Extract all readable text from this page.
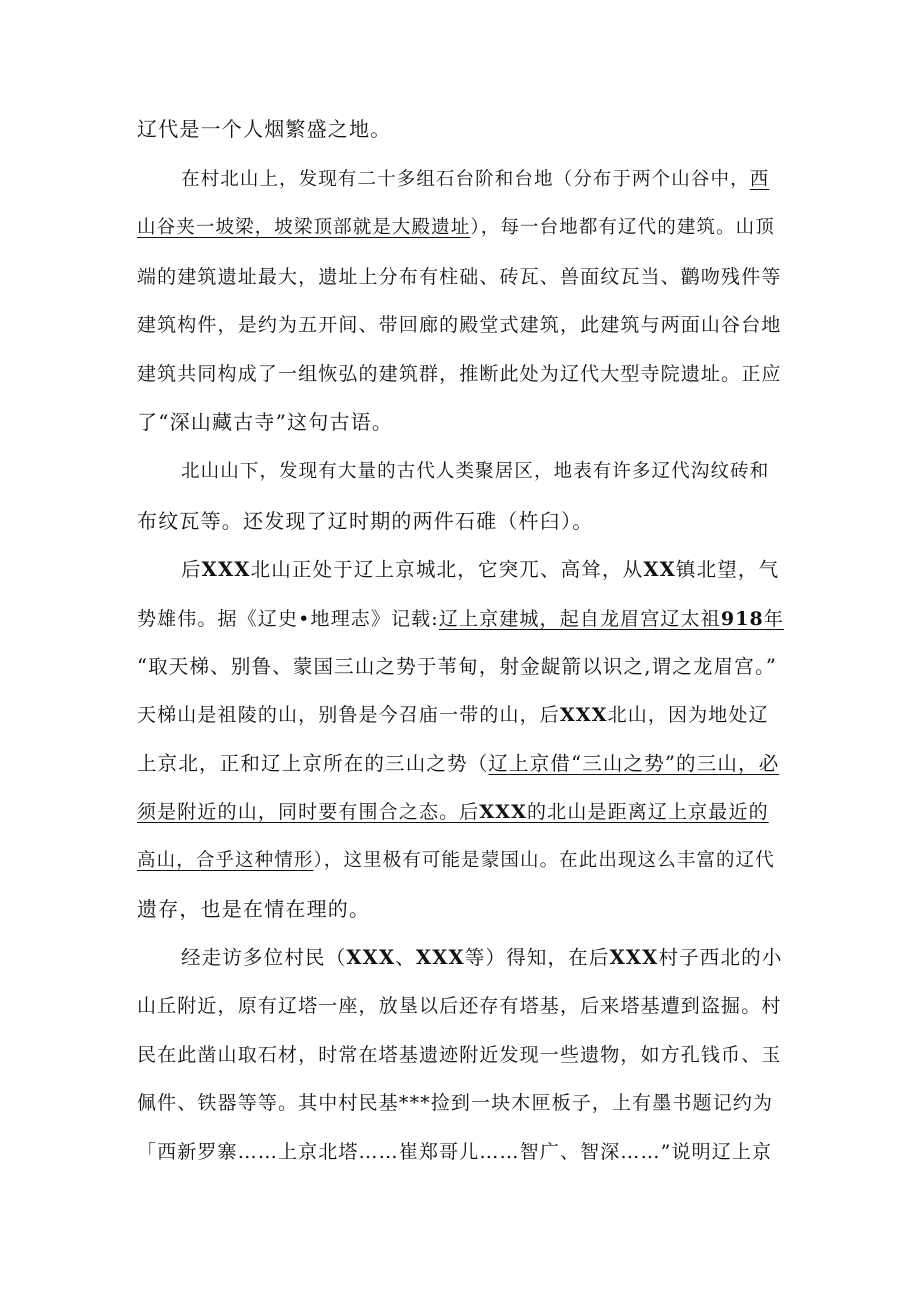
辽代是一个人烟繁盛之地。
在村北山上，发现有二十多组石台阶和台地（分布于两个山谷中，西
山谷夹一坡梁，坡梁顶部就是大殿遗址），每一台地都有辽代的建筑。山顶
端的建筑遗址最大，遗址上分布有柱础、砖瓦、兽面纹瓦当、鹳吻残件等
建筑构件，是约为五开间、带回廊的殿堂式建筑，此建筑与两面山谷台地
建筑共同构成了一组恢弘的建筑群，推断此处为辽代大型寺院遗址。正应
了“深山藏古寺”这句古语。
北山山下，发现有大量的古代人类聚居区，地表有许多辽代沟纹砖和
布纹瓦等。还发现了辽时期的两件石碓（杵臼）。
后XXX北山正处于辽上京城北，它突兀、高耸，从XX镇北望，气
势雄伟。据《辽史•地理志》记载:辽上京建城，起自龙眉宫辽太祖918年
“取天梯、别鲁、蒙国三山之势于苇甸，射金龊箭以识之,谓之龙眉宫。”
天梯山是祖陵的山，别鲁是今召庙一带的山，后XXX北山，因为地处辽
上京北，正和辽上京所在的三山之势（辽上京借“三山之势”的三山，必
须是附近的山，同时要有围合之态。后XXX的北山是距离辽上京最近的
高山，合乎这种情形），这里极有可能是蒙国山。在此出现这么丰富的辽代
遗存，也是在情在理的。
经走访多位村民（XXX、XXX等）得知，在后XXX村子西北的小
山丘附近，原有辽塔一座，放垦以后还存有塔基，后来塔基遭到盗掘。村
民在此凿山取石材，时常在塔基遗迹附近发现一些遗物，如方孔钱币、玉
佩件、铁器等等。其中村民基***捡到一块木匣板子，上有墨书题记约为
「西新罗寨……上京北塔……崔郑哥儿……智广、智深……”说明辽上京
